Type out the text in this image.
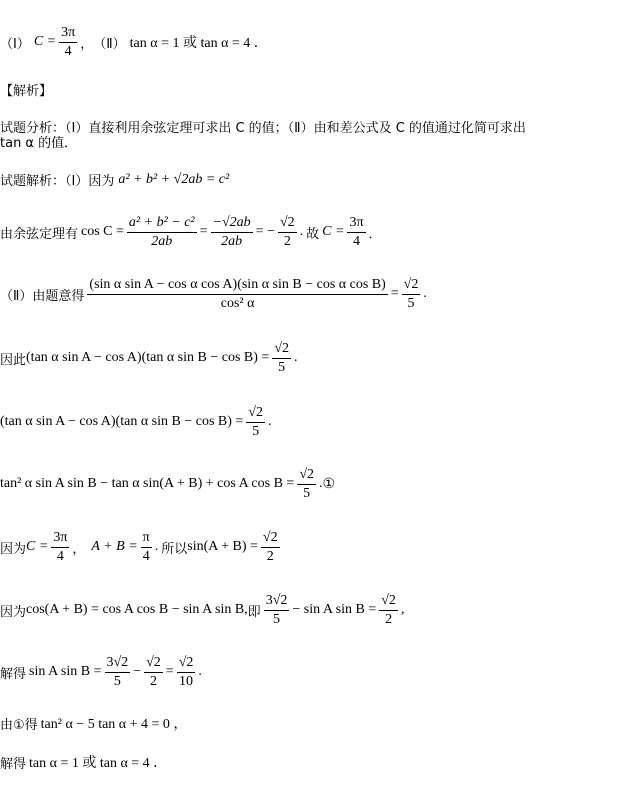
（Ⅰ） $C = \frac{3\pi}{4}$ ， （Ⅱ） tan α = 1 或 tan α = 4 ．
【解析】
试题分析：（Ⅰ）直接利用余弦定理可求出 C 的值；（Ⅱ）由和差公式及 C 的值通过化简可求出
tan α 的值．
试题解析：（Ⅰ）因为 a² + b² + √2ab = c²
由余弦定理有 $\cos C = \frac{\text{a² + b² − c²}}{2ab} = \frac{-√2ab}{2ab}$ = − $\frac{√2}{2}$ . 故 $C = \frac{3\pi}{4}$ ．
（Ⅱ）由题意得 $\frac{\text{(sin α sin A − cos α cos A)(sin α sin B − cos α cos B)}}{\text{cos² α}} = \frac{√2}{5}$ .
因此 (tan α sin A − cos A)(tan α $\sin B - \cos B) = \frac{√2}{5}$ .
(tan α sin A − cos A)(tan α $\sin B - \cos B) = \frac{√2}{5}$ .
tan² α sin A sin B − tan α sin(A + B) + cos A $\cos B = \frac{√2}{5}$ . ①
因为 $C = \frac{3\pi}{4}$ ， $A + B = \frac{\pi}{4}$ . 所以 $\sin(A + B) = \frac{√2}{2}$
因为 cos(A + B) = cos A cos B − sin A sin B , 即 $\frac{3√2}{5} - \sin A$ $\sin B = \frac{√2}{2}$ ,
解得 sin A $\sin B = \frac{3√2}{5} - \frac{√2}{2} = \frac{√2}{10}$ .
由①得 tan² α − 5 tan α + 4 = 0 ，
解得 tan α = 1 或 tan α = 4 ．
